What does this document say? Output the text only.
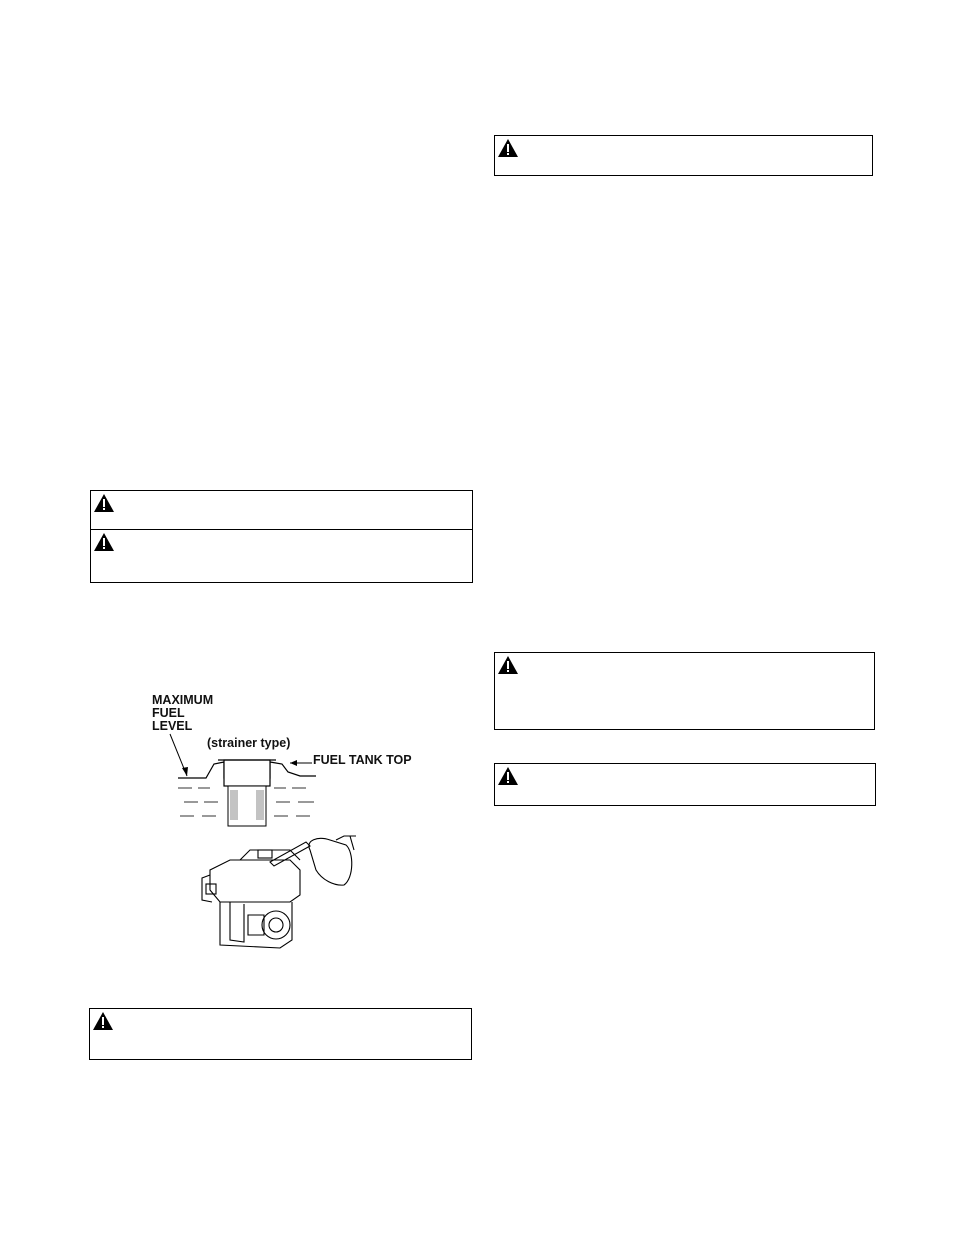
MAXIMUM
FUEL
LEVEL
(strainer type)
FUEL TANK TOP
